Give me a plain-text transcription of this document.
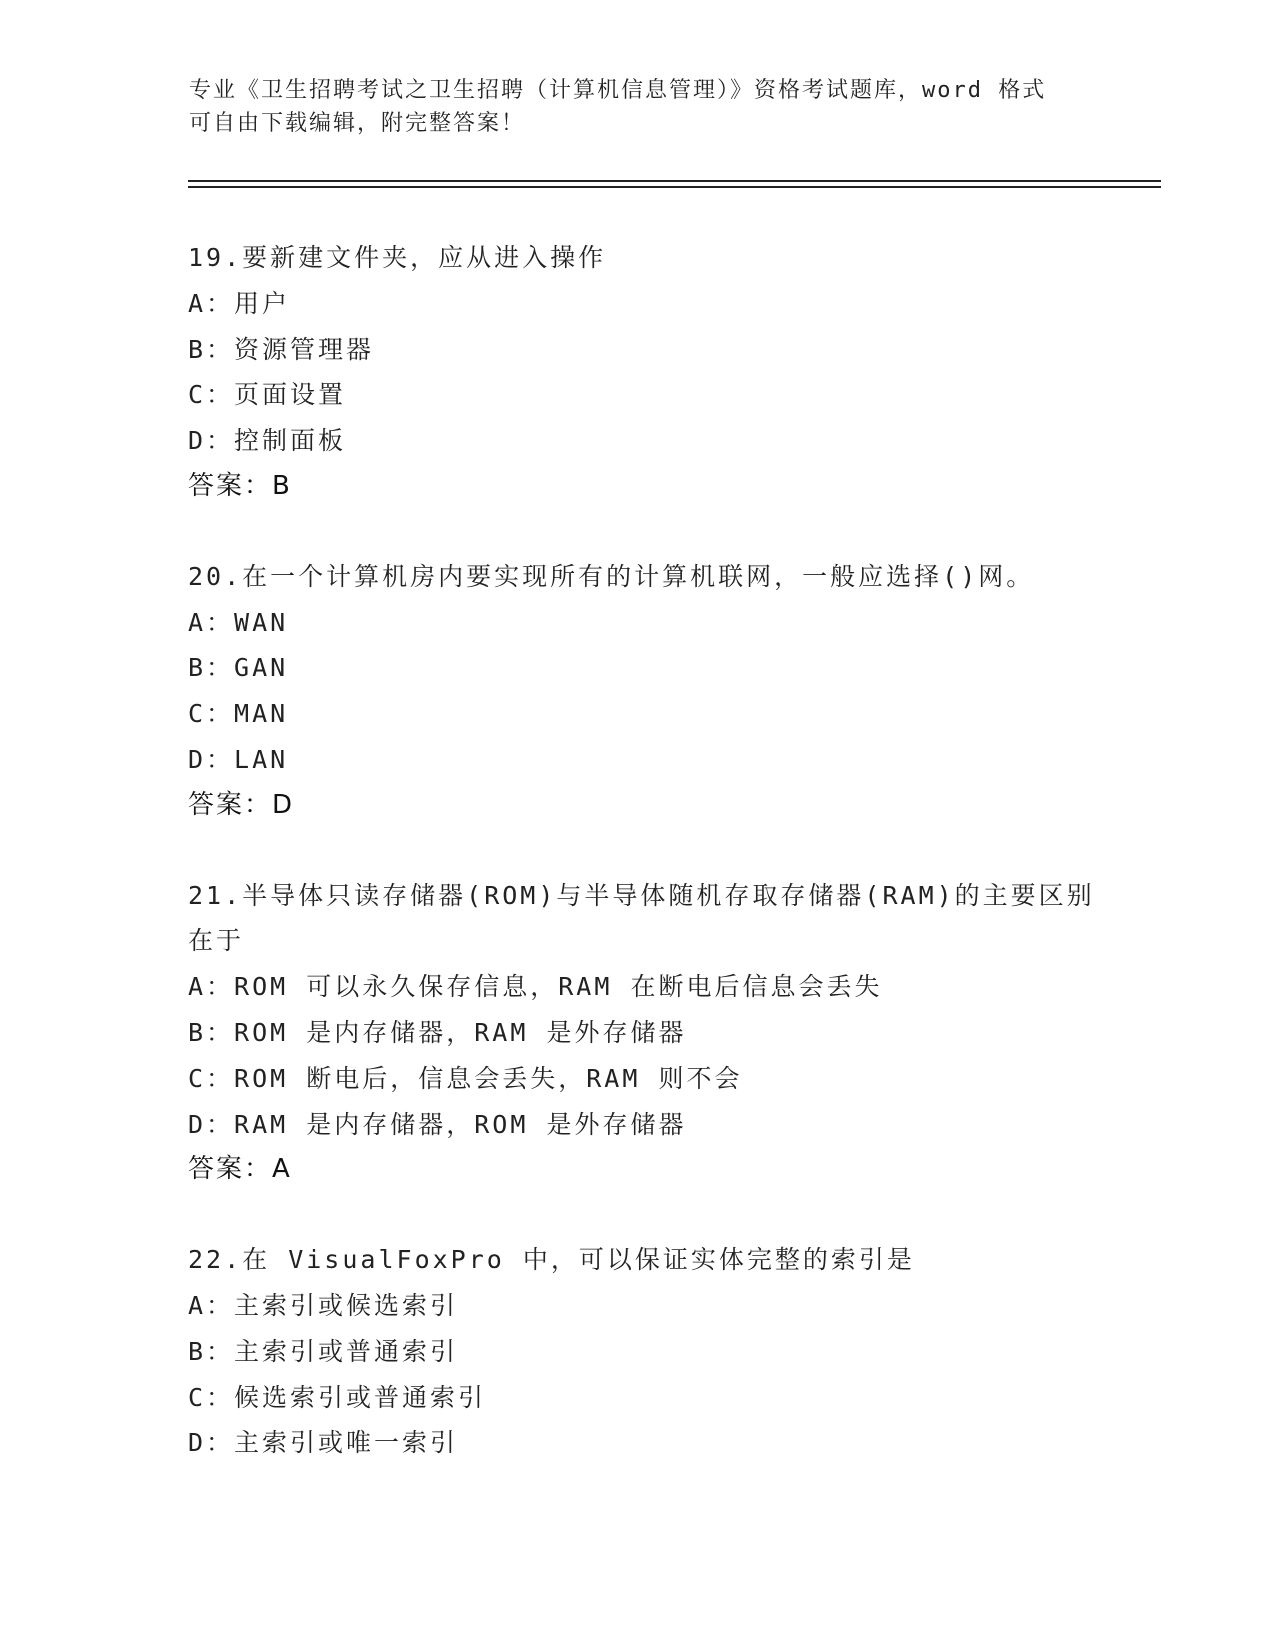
专业《卫生招聘考试之卫生招聘（计算机信息管理）》资格考试题库，word 格式
可自由下载编辑，附完整答案！
19.要新建文件夹，应从进入操作
A：用户
B：资源管理器
C：页面设置
D：控制面板
答案：B
20.在一个计算机房内要实现所有的计算机联网，一般应选择()网。
A：WAN
B：GAN
C：MAN
D：LAN
答案：D
21.半导体只读存储器(ROM)与半导体随机存取存储器(RAM)的主要区别在于
A：ROM 可以永久保存信息，RAM 在断电后信息会丢失
B：ROM 是内存储器，RAM 是外存储器
C：ROM 断电后，信息会丢失，RAM 则不会
D：RAM 是内存储器，ROM 是外存储器
答案：A
22.在 VisualFoxPro 中，可以保证实体完整的索引是
A：主索引或候选索引
B：主索引或普通索引
C：候选索引或普通索引
D：主索引或唯一索引
